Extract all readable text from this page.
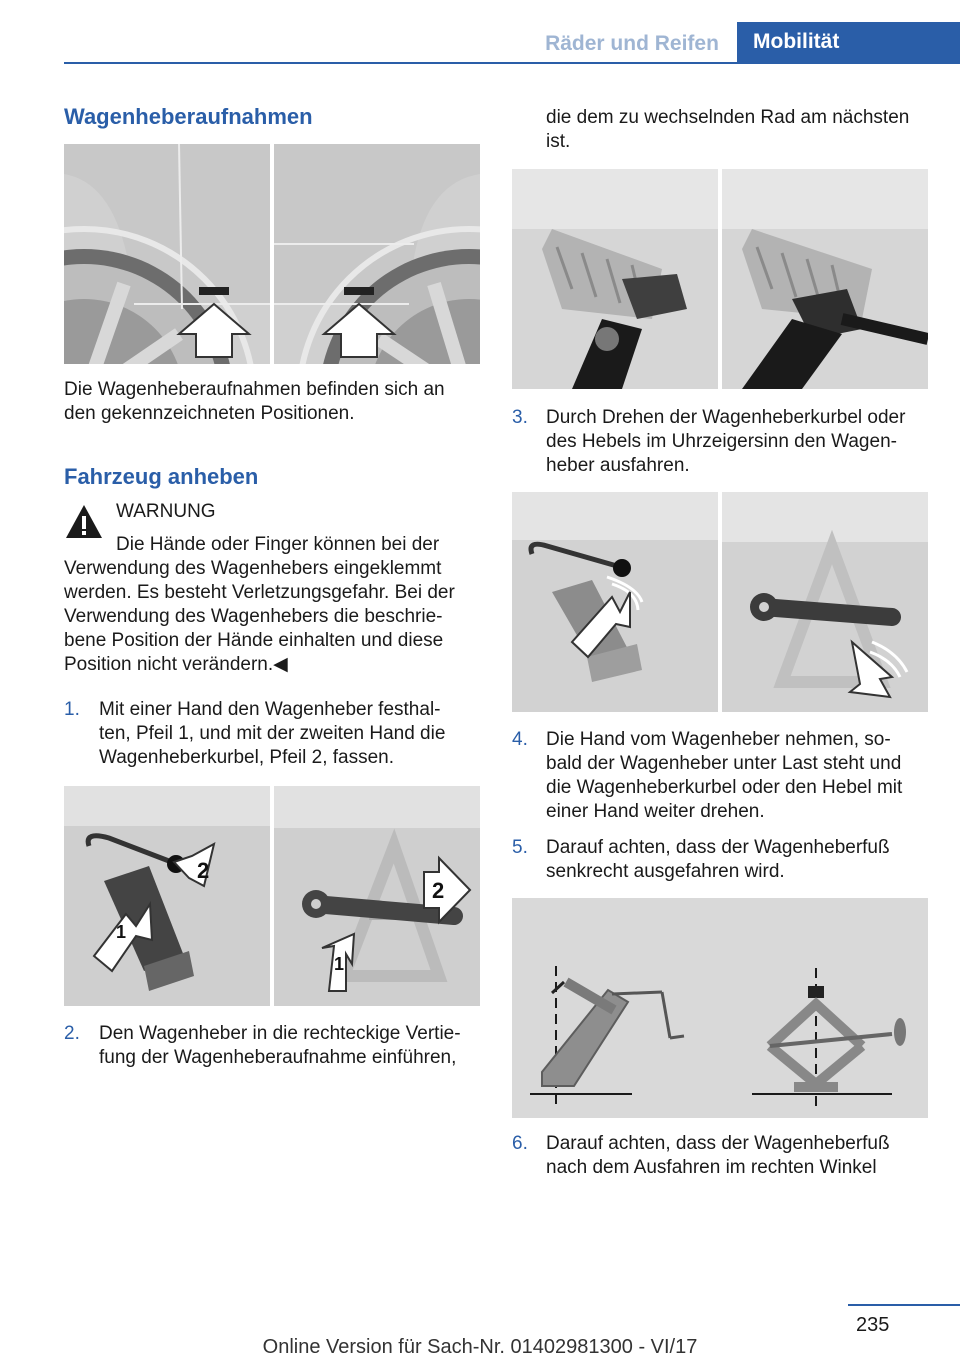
Räder und Reifen	Mobilität
Wagenheberaufnahmen
Die Wagenheberaufnahmen befinden sich an
den gekennzeichneten Positionen.
Fahrzeug anheben
WARNUNG
Die Hände oder Finger können bei der
Verwendung des Wagenhebers eingeklemmt
werden. Es besteht Verletzungsgefahr. Bei der
Verwendung des Wagenhebers die beschrie‐
bene Position der Hände einhalten und diese
Position nicht verändern.◀
1. Mit einer Hand den Wagenheber festhal‐
ten, Pfeil 1, und mit der zweiten Hand die
Wagenheberkurbel, Pfeil 2, fassen.
2
1
2
1
2. Den Wagenheber in die rechteckige Vertie‐
fung der Wagenheberaufnahme einführen,
die dem zu wechselnden Rad am nächsten
ist.
3. Durch Drehen der Wagenheberkurbel oder
des Hebels im Uhrzeigersinn den Wagen‐
heber ausfahren.
4. Die Hand vom Wagenheber nehmen, so‐
bald der Wagenheber unter Last steht und
die Wagenheberkurbel oder den Hebel mit
einer Hand weiter drehen.
5. Darauf achten, dass der Wagenheberfuß
senkrecht ausgefahren wird.
6. Darauf achten, dass der Wagenheberfuß
nach dem Ausfahren im rechten Winkel
235
Online Version für Sach-Nr. 01402981300 - VI/17
